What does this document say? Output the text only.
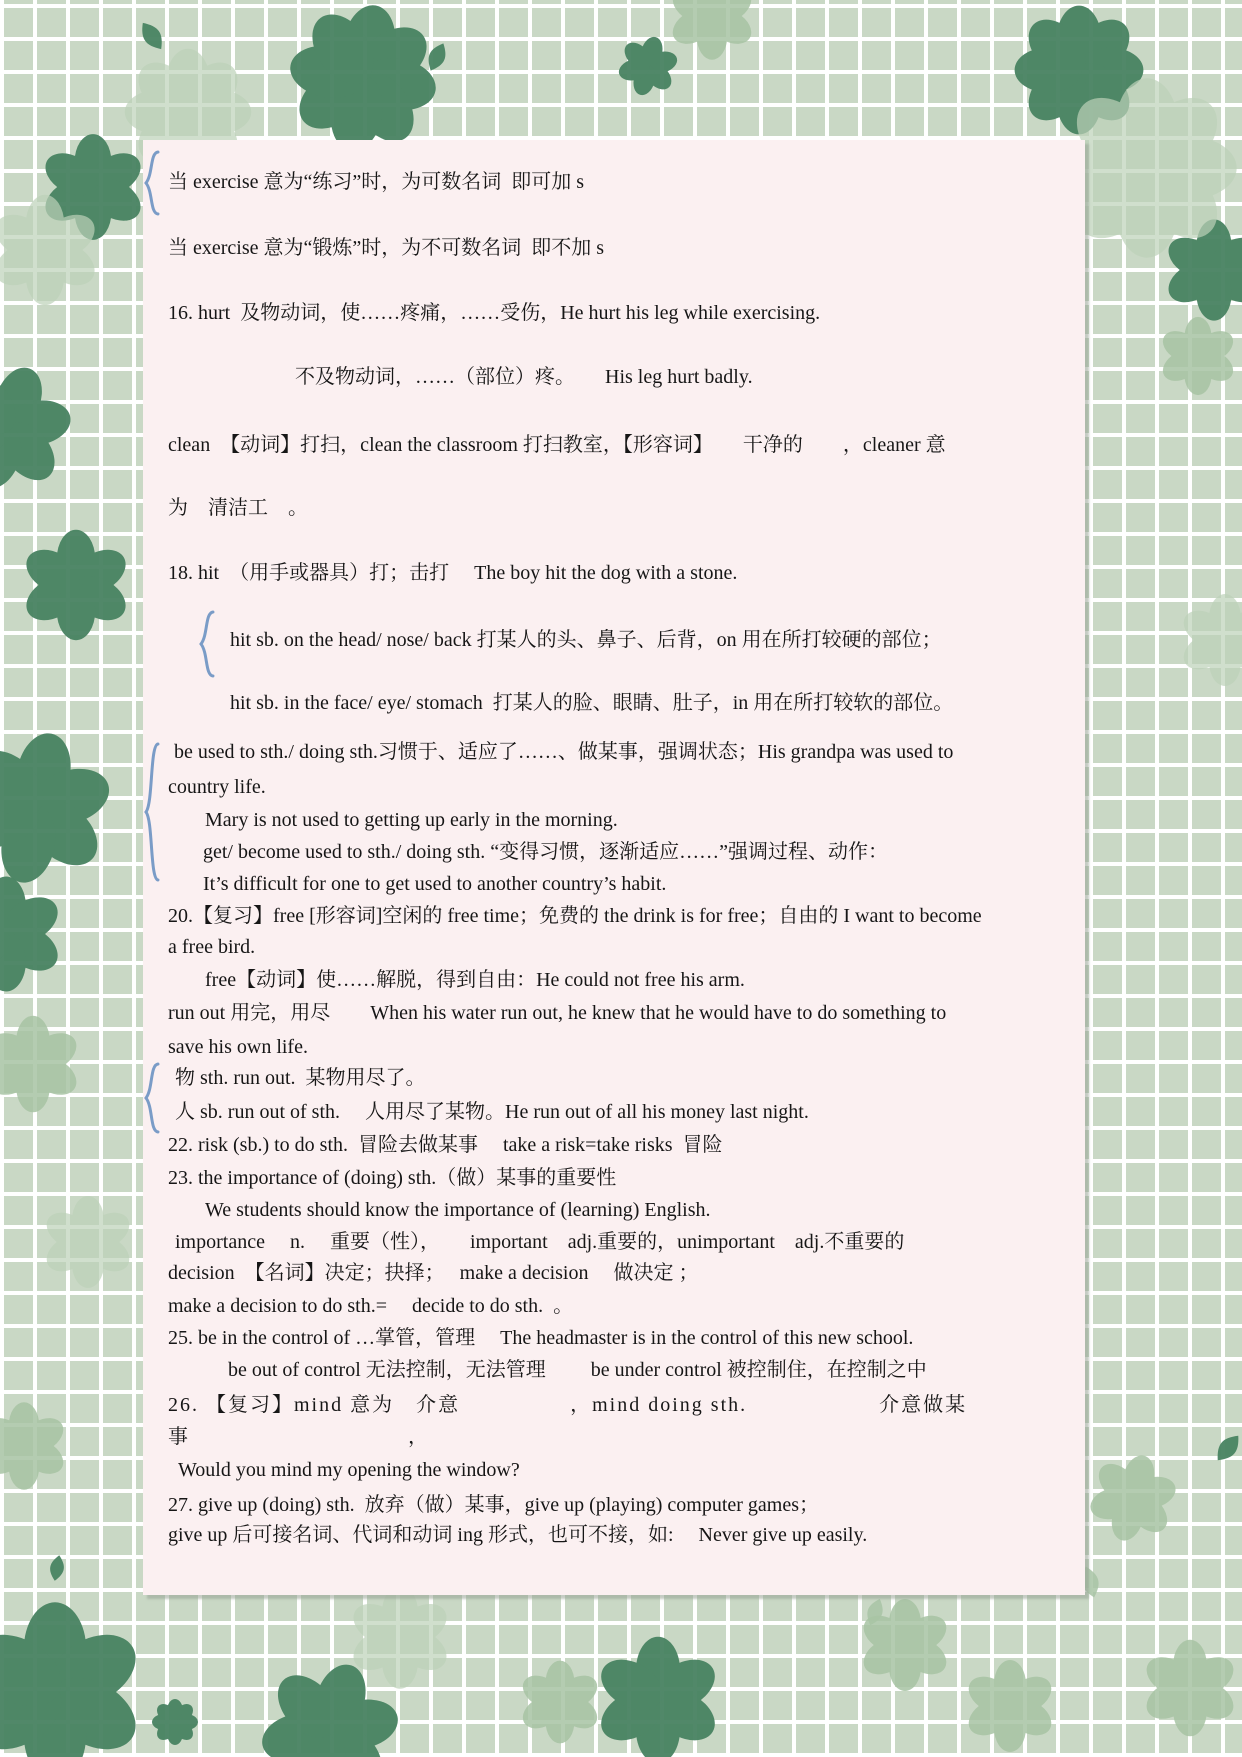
当 exercise 意为“练习”时，为可数名词  即可加 s
当 exercise 意为“锻炼”时，为不可数名词  即不加 s
16. hurt  及物动词，使……疼痛，……受伤，He hurt his leg while exercising.
不及物动词，……（部位）疼。　　His leg hurt badly.
clean　【动词】打扫，clean the classroom 打扫教室，【形容词】　　干净的　　，cleaner 意
为　清洁工　。
18. hit　（用手或器具）打；击打　 The boy hit the dog with a stone.
hit sb. on the head/ nose/ back 打某人的头、鼻子、后背，on 用在所打较硬的部位；
hit sb. in the face/ eye/ stomach  打某人的脸、眼睛、肚子，in 用在所打较软的部位。
be used to sth./ doing sth.习惯于、适应了……、做某事，强调状态；His grandpa was used to
country life.
Mary is not used to getting up early in the morning.
get/ become used to sth./ doing sth. “变得习惯，逐渐适应……”强调过程、动作：
It’s difficult for one to get used to another country’s habit.
20.【复习】free [形容词]空闲的 free time；免费的 the drink is for free；自由的 I want to become
a free bird.
free【动词】使……解脱，得到自由：He could not free his arm.
run out 用完，用尽　　When his water run out, he knew that he would have to do something to
save his own life.
物 sth. run out.  某物用尽了。
人 sb. run out of sth.　 人用尽了某物。He run out of all his money last night.
22. risk (sb.) to do sth.  冒险去做某事　 take a risk=take risks  冒险
23. the importance of (doing) sth.（做）某事的重要性
We students should know the importance of (learning) English.
importance　 n.　 重要（性），　　important　adj.重要的，unimportant　adj.不重要的
decision　【名词】决定；抉择；　 make a decision　 做决定 ；
make a decision to do sth.=　 decide to do sth.  。
25. be in the control of …掌管，管理　 The headmaster is in the control of this new school.
be out of control 无法控制，无法管理　　 be under control 被控制住，在控制之中
26. 【复习】mind 意为　介意　　　　　，mind doing sth.　　　　　　介意做某
事　　　　　　　　　　　，
Would you mind my opening the window?
27. give up (doing) sth.  放弃（做）某事，give up (playing) computer games；
give up 后可接名词、代词和动词 ing 形式，也可不接，如:　 Never give up easily.
